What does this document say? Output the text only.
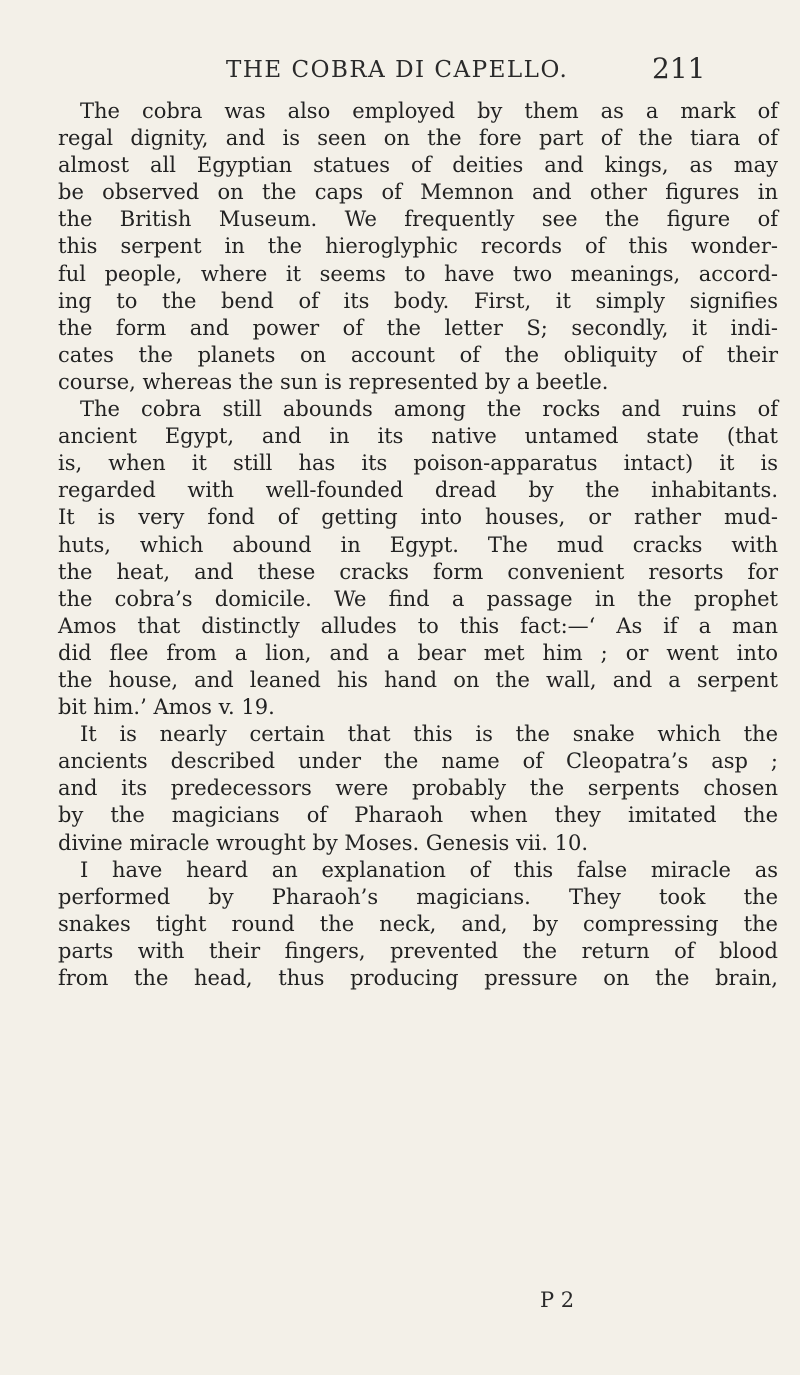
THE COBRA DI CAPELLO.	211
The cobra was also employed by them as a mark of
regal dignity, and is seen on the fore part of the tiara of
almost all Egyptian statues of deities and kings, as may
be observed on the caps of Memnon and other figures in
the British Museum. We frequently see the figure of
this serpent in the hieroglyphic records of this wonder-
ful people, where it seems to have two meanings, accord-
ing to the bend of its body. First, it simply signifies
the form and power of the letter S; secondly, it indi-
cates the planets on account of the obliquity of their
course, whereas the sun is represented by a beetle.
The cobra still abounds among the rocks and ruins of
ancient Egypt, and in its native untamed state (that
is, when it still has its poison-apparatus intact) it is
regarded with well-founded dread by the inhabitants.
It is very fond of getting into houses, or rather mud-
huts, which abound in Egypt. The mud cracks with
the heat, and these cracks form convenient resorts for
the cobra’s domicile. We find a passage in the prophet
Amos that distinctly alludes to this fact:—‘ As if a man
did flee from a lion, and a bear met him ; or went into
the house, and leaned his hand on the wall, and a serpent
bit him.’ Amos v. 19.
It is nearly certain that this is the snake which the
ancients described under the name of Cleopatra’s asp ;
and its predecessors were probably the serpents chosen
by the magicians of Pharaoh when they imitated the
divine miracle wrought by Moses. Genesis vii. 10.
I have heard an explanation of this false miracle as
performed by Pharaoh’s magicians. They took the
snakes tight round the neck, and, by compressing the
parts with their fingers, prevented the return of blood
from the head, thus producing pressure on the brain,
P 2
